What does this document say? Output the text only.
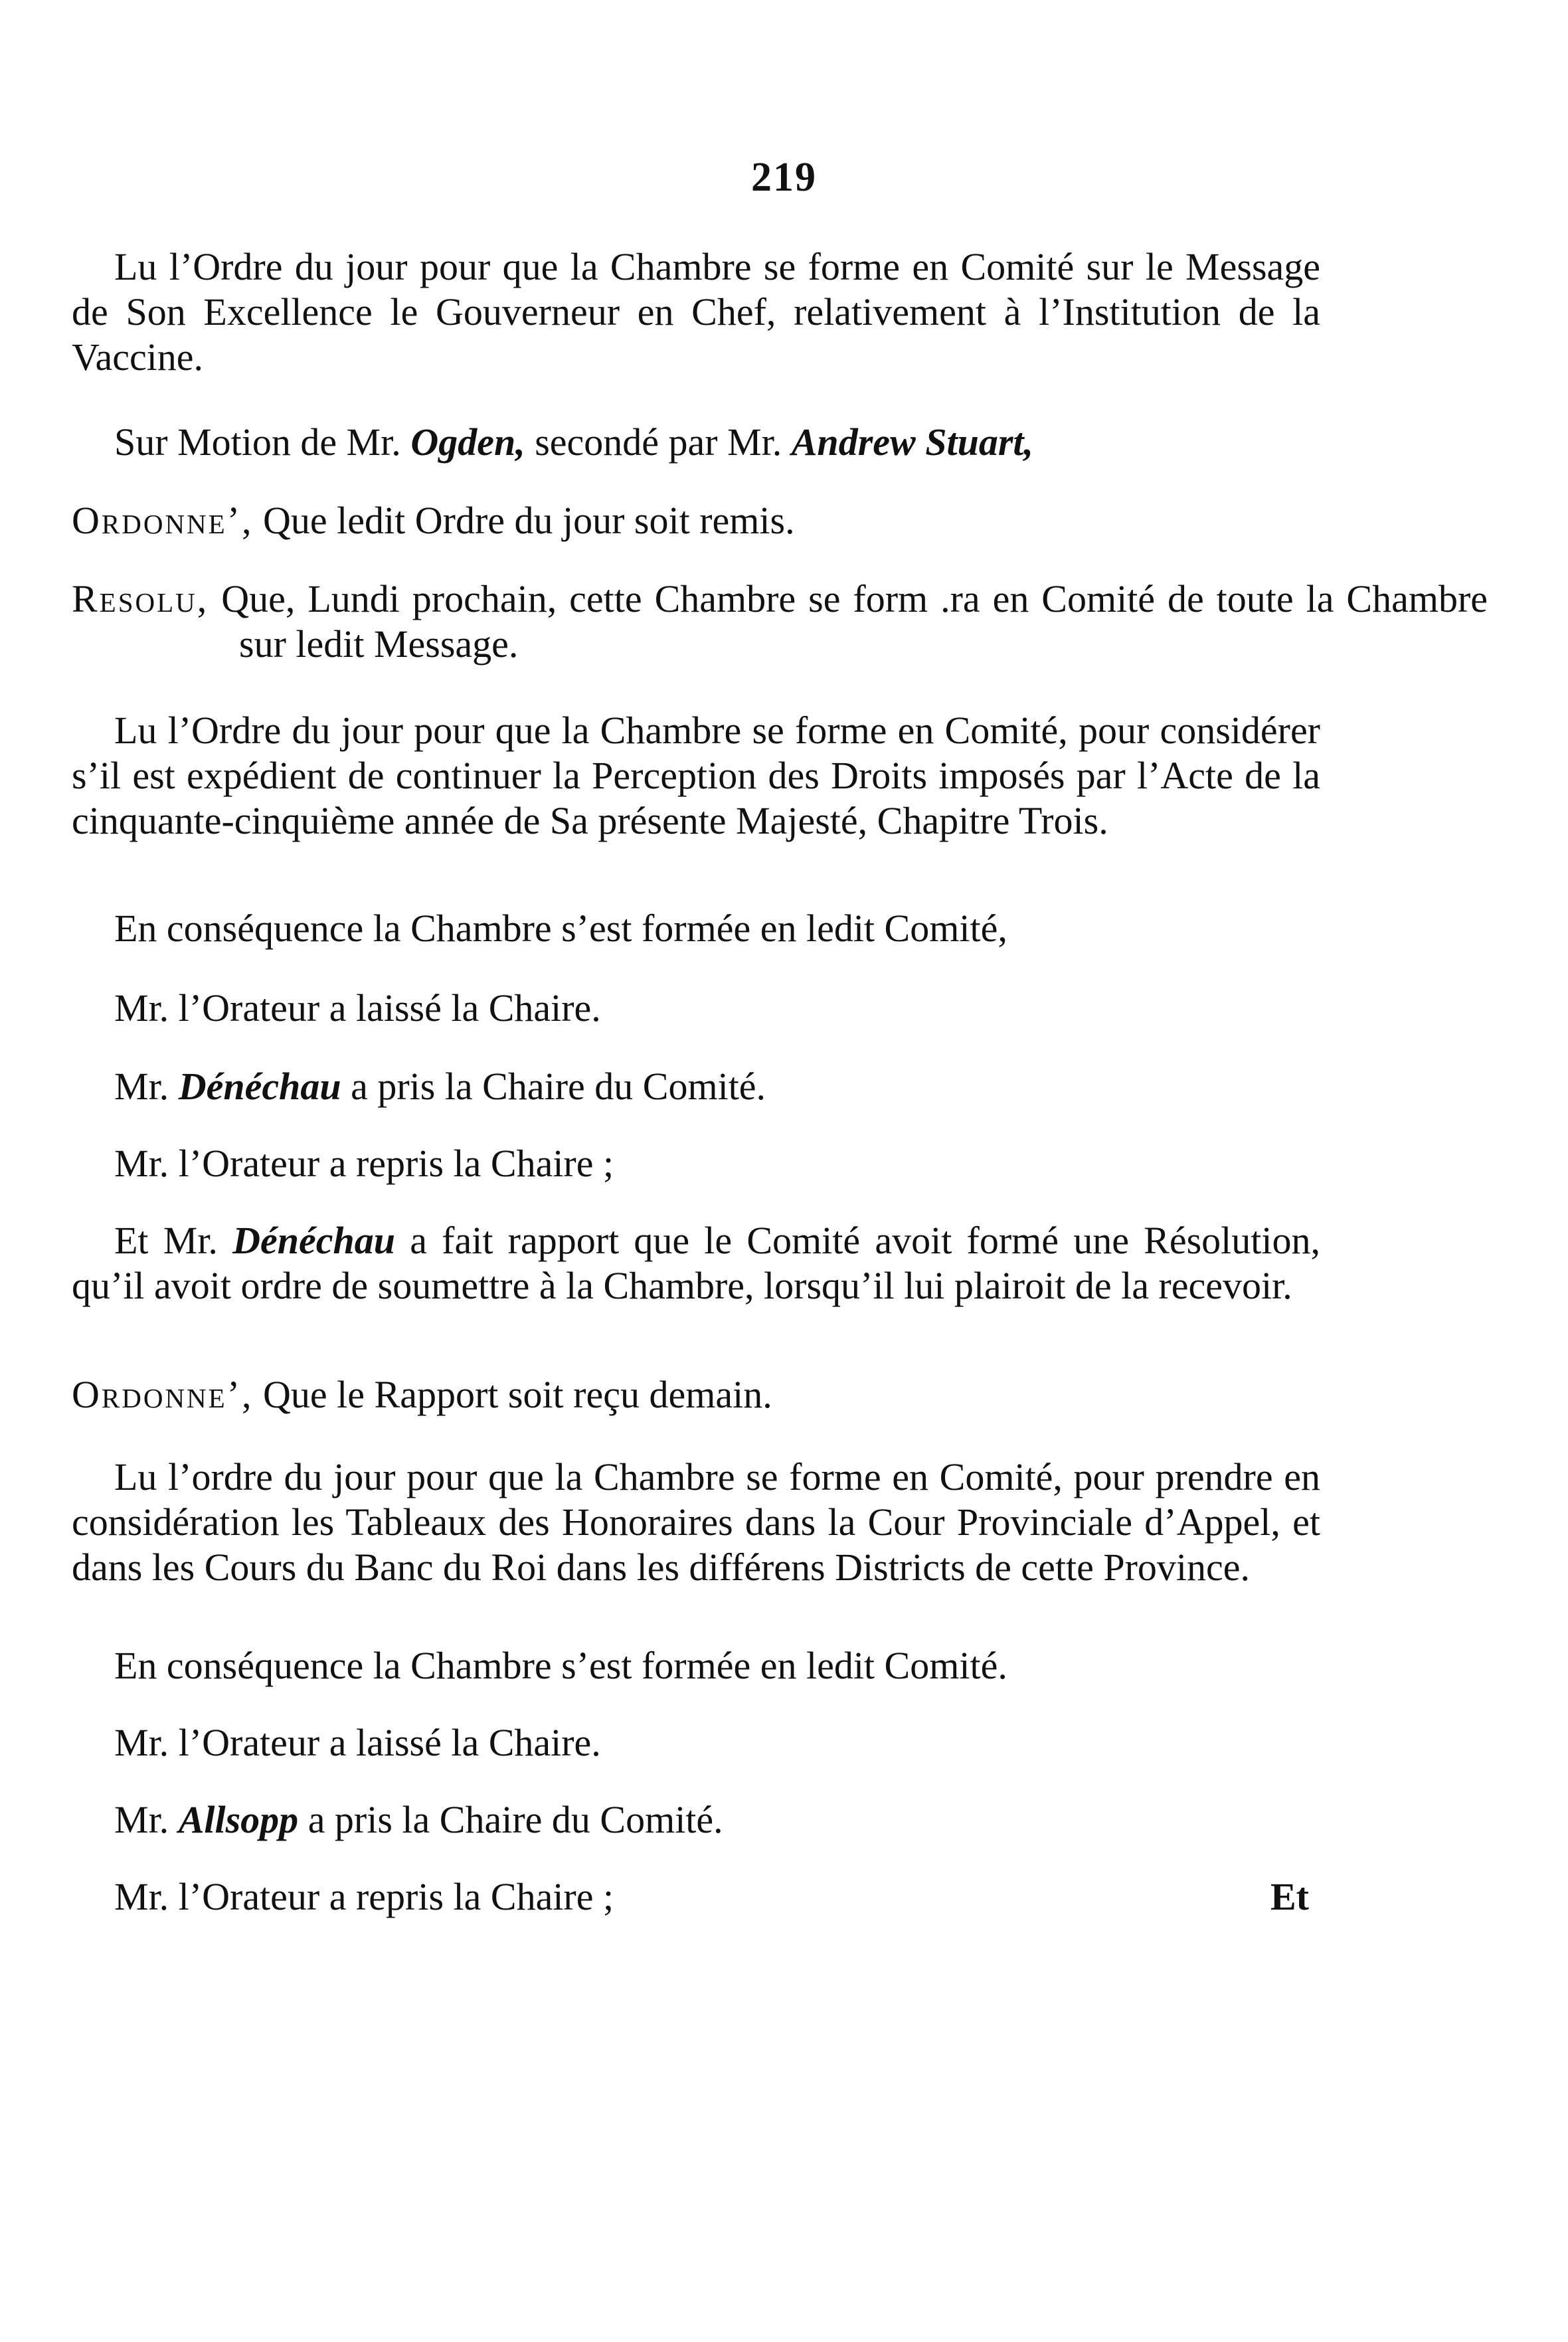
219

Lu l’Ordre du jour pour que la Chambre se forme en Comité sur le Message de Son Excellence le Gouverneur en Chef, relativement à l’Institution de la Vaccine.

Sur Motion de Mr. Ogden, secondé par Mr. Andrew Stuart,

Ordonne’, Que ledit Ordre du jour soit remis.

Resolu, Que, Lundi prochain, cette Chambre se form .ra en Comité de toute la Chambre sur ledit Message.

Lu l’Ordre du jour pour que la Chambre se forme en Comité, pour considérer s’il est expédient de continuer la Perception des Droits imposés par l’Acte de la cinquante-cinquième année de Sa présente Majesté, Chapitre Trois.

En conséquence la Chambre s’est formée en ledit Comité,

Mr. l’Orateur a laissé la Chaire.

Mr. Dénéchau a pris la Chaire du Comité.

Mr. l’Orateur a repris la Chaire ;

Et Mr. Dénéchau a fait rapport que le Comité avoit formé une Résolution, qu’il avoit ordre de soumettre à la Chambre, lorsqu’il lui plairoit de la recevoir.

Ordonne’, Que le Rapport soit reçu demain.

Lu l’ordre du jour pour que la Chambre se forme en Comité, pour prendre en considération les Tableaux des Honoraires dans la Cour Provinciale d’Appel, et dans les Cours du Banc du Roi dans les différens Districts de cette Province.

En conséquence la Chambre s’est formée en ledit Comité.

Mr. l’Orateur a laissé la Chaire.

Mr. Allsopp a pris la Chaire du Comité.

Mr. l’Orateur a repris la Chaire ;	Et
